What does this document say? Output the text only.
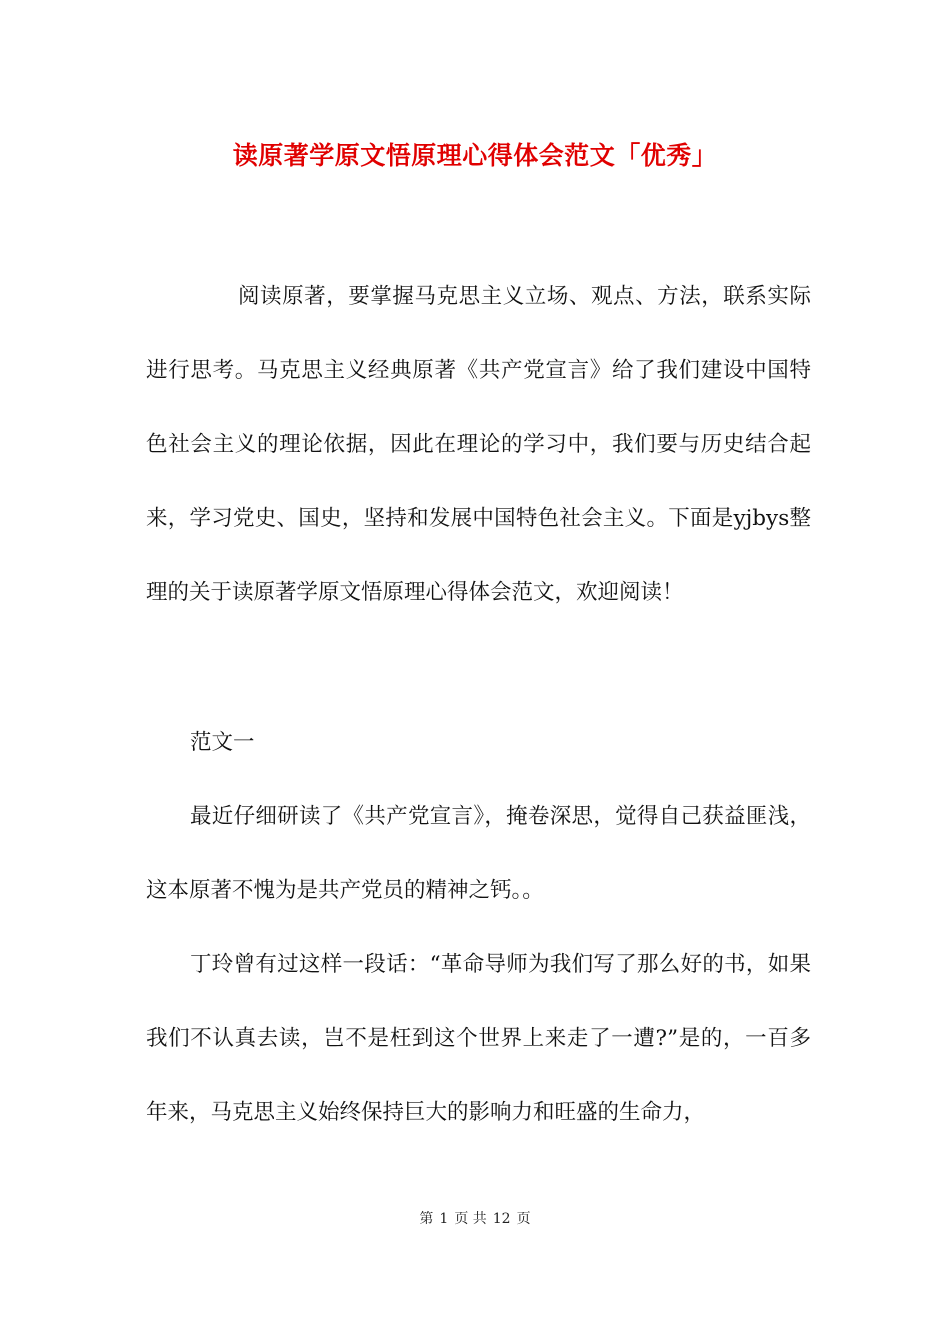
读原著学原文悟原理心得体会范文「优秀」

阅读原著，要掌握马克思主义立场、观点、方法，联系实际进行思考。马克思主义经典原著《共产党宣言》给了我们建设中国特色社会主义的理论依据，因此在理论的学习中，我们要与历史结合起来，学习党史、国史，坚持和发展中国特色社会主义。下面是yjbys整理的关于读原著学原文悟原理心得体会范文，欢迎阅读！

范文一

最近仔细研读了《共产党宣言》，掩卷深思，觉得自己获益匪浅，这本原著不愧为是共产党员的精神之钙。。

丁玲曾有过这样一段话：“革命导师为我们写了那么好的书，如果我们不认真去读，岂不是枉到这个世界上来走了一遭?”是的，一百多年来，马克思主义始终保持巨大的影响力和旺盛的生命力，

第 1 页 共 12 页
